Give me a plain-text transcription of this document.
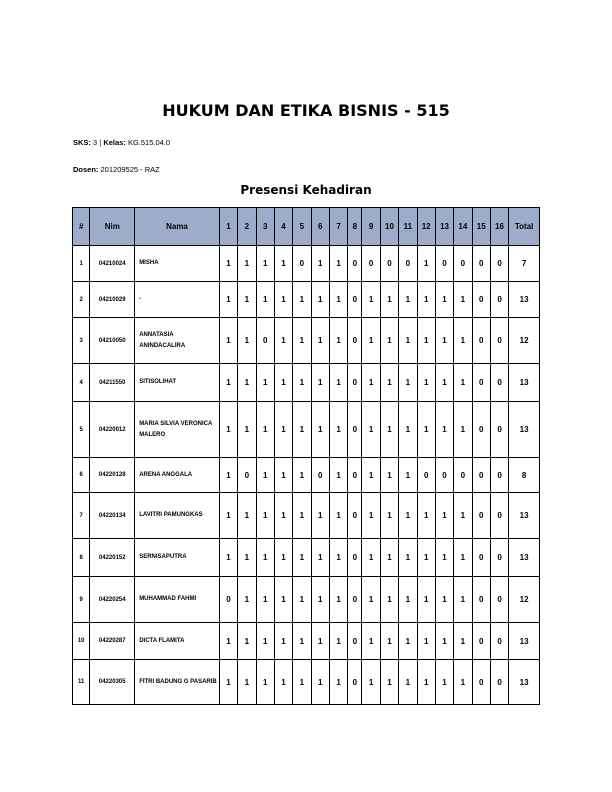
HUKUM DAN ETIKA BISNIS - 515
SKS: 3 | Kelas: KG.515.04.0
Dosen: 201209525 - RAZ
Presensi Kehadiran
#	Nim	Nama	1	2	3	4	5	6	7	8	9	10	11	12	13	14	15	16	Total
1	04210024	MISHA	1	1	1	1	0	1	1	0	0	0	0	1	0	0	0	0	7
2	04210029	-	1	1	1	1	1	1	1	0	1	1	1	1	1	1	0	0	13
3	04210050	ANNATASIA ANINDACALIRA	1	1	0	1	1	1	1	0	1	1	1	1	1	1	0	0	12
4	04211550	SITISOLIHAT	1	1	1	1	1	1	1	0	1	1	1	1	1	1	0	0	13
5	04220012	MARIA SILVIA VERONICA MALERO	1	1	1	1	1	1	1	0	1	1	1	1	1	1	0	0	13
6	04220128	ARENA ANGGALA	1	0	1	1	1	0	1	0	1	1	1	0	0	0	0	0	8
7	04220134	LAVITRI PAMUNGKAS	1	1	1	1	1	1	1	0	1	1	1	1	1	1	0	0	13
8	04220152	SERNISAPUTRA	1	1	1	1	1	1	1	0	1	1	1	1	1	1	0	0	13
9	04220254	MUHAMMAD FAHMI	0	1	1	1	1	1	1	0	1	1	1	1	1	1	0	0	12
10	04220287	DICTA FLAMITA	1	1	1	1	1	1	1	0	1	1	1	1	1	1	0	0	13
11	04220305	FITRI BADUNG G PASARIB	1	1	1	1	1	1	1	0	1	1	1	1	1	1	0	0	13
